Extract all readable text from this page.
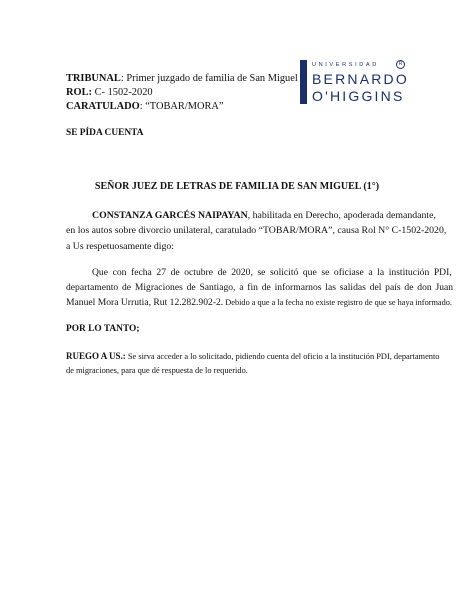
TRIBUNAL: Primer juzgado de familia de San Miguel
ROL: C- 1502-2020
CARATULADO: “TOBAR/MORA”
UNIVERSIDAD	R
BERNARDO
O'HIGGINS
SE PÍDA CUENTA
SEÑOR JUEZ DE LETRAS DE FAMILIA DE SAN MIGUEL (1°)
CONSTANZA GARCÉS NAIPAYAN, habilitada en Derecho, apoderada demandante,
en los autos sobre divorcio unilateral, caratulado “TOBAR/MORA”, causa Rol N° C-1502-2020,
a Us respetuosamente digo:
Que con fecha 27 de octubre de 2020, se solicitó que se oficiase a la institución PDI,
departamento de Migraciones de Santiago, a fin de informarnos las salidas del país de don Juan
Manuel Mora Urrutia, Rut 12.282.902-2. Debido a que a la fecha no existe registro de que se haya informado.
POR LO TANTO;
RUEGO A US.: Se sirva acceder a lo solicitado, pidiendo cuenta del oficio a la institución PDI, departamento
de migraciones, para que dé respuesta de lo requerido.
